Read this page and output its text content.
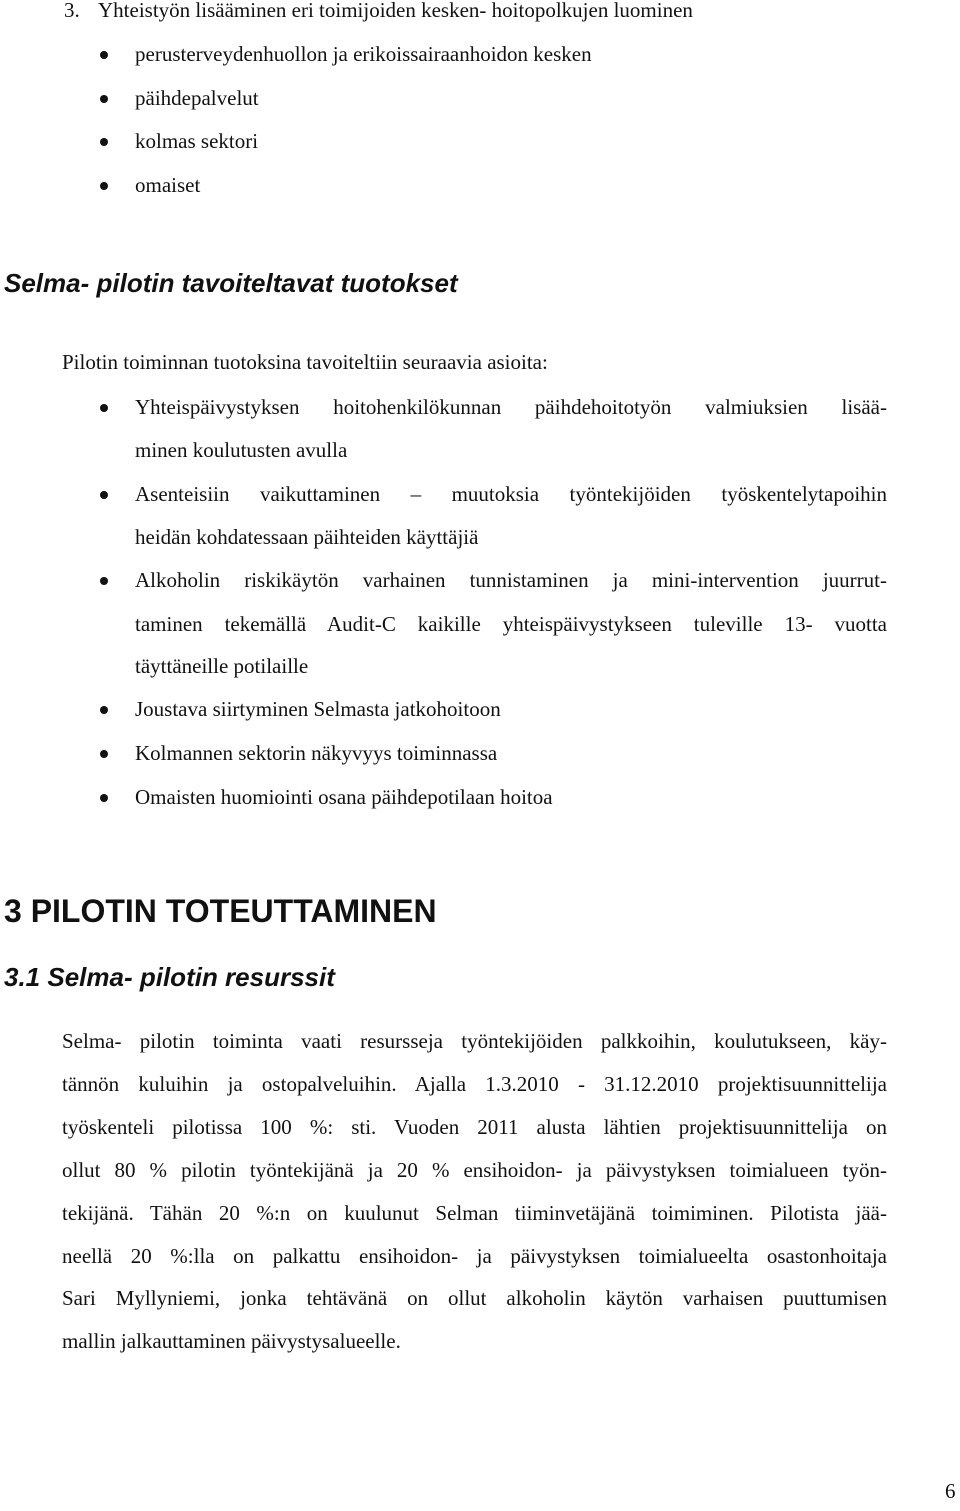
3. Yhteistyön lisääminen eri toimijoiden kesken- hoitopolkujen luominen
perusterveydenhuollon ja erikoissairaanhoidon kesken
päihdepalvelut
kolmas sektori
omaiset
Selma- pilotin tavoiteltavat tuotokset
Pilotin toiminnan tuotoksina tavoiteltiin seuraavia asioita:
Yhteispäivystyksen hoitohenkilökunnan päihdehoitotyön valmiuksien lisää-
minen koulutusten avulla
Asenteisiin vaikuttaminen – muutoksia työntekijöiden työskentelytapoihin
heidän kohdatessaan päihteiden käyttäjiä
Alkoholin riskikäytön varhainen tunnistaminen ja mini-intervention juurrut-
taminen tekemällä Audit-C kaikille yhteispäivystykseen tuleville 13- vuotta
täyttäneille potilaille
Joustava siirtyminen Selmasta jatkohoitoon
Kolmannen sektorin näkyvyys toiminnassa
Omaisten huomiointi osana päihdepotilaan hoitoa
3 PILOTIN TOTEUTTAMINEN
3.1 Selma- pilotin resurssit
Selma- pilotin toiminta vaati resursseja työntekijöiden palkkoihin, koulutukseen, käy-
tännön kuluihin ja ostopalveluihin. Ajalla 1.3.2010 - 31.12.2010 projektisuunnittelija
työskenteli pilotissa 100 %: sti. Vuoden 2011 alusta lähtien projektisuunnittelija on
ollut 80 % pilotin työntekijänä ja 20 % ensihoidon- ja päivystyksen toimialueen työn-
tekijänä. Tähän 20 %:n on kuulunut Selman tiiminvetäjänä toimiminen. Pilotista jää-
neellä 20 %:lla on palkattu ensihoidon- ja päivystyksen toimialueelta osastonhoitaja
Sari Myllyniemi, jonka tehtävänä on ollut alkoholin käytön varhaisen puuttumisen
mallin jalkauttaminen päivystysalueelle.
6
